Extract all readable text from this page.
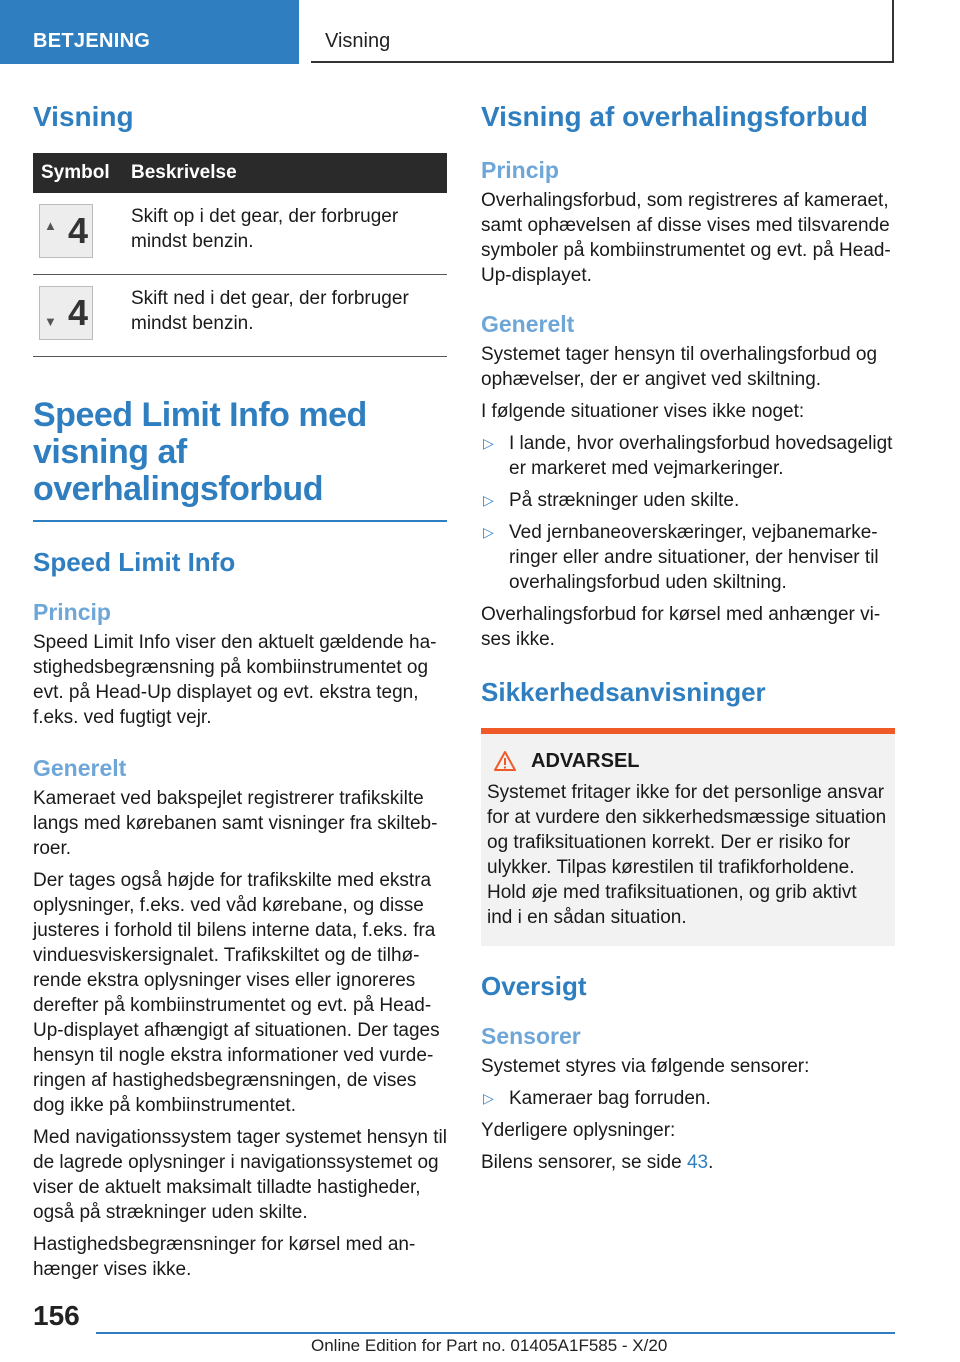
BETJENING	Visning
Visning
Symbol	Beskrivelse

▲ 4	Skift op i det gear, der forbruger mindst benzin.

▼ 4	Skift ned i det gear, der forbruger mindst benzin.
Speed Limit Info med visning af overhalingsforbud
Speed Limit Info
Princip

Speed Limit Info viser den aktuelt gældende hastighedsbegrænsning på kombiinstrumentet og evt. på Head-Up displayet og evt. ekstra tegn, f.eks. ved fugtigt vejr.

Generelt

Kameraet ved bakspejlet registrerer trafikskilte langs med kørebanen samt visninger fra skiltebroer.

Der tages også højde for trafikskilte med ekstra oplysninger, f.eks. ved våd kørebane, og disse justeres i forhold til bilens interne data, f.eks. fra vinduesviskersignalet. Trafikskiltet og de tilhørende ekstra oplysninger vises eller ignoreres derefter på kombiinstrumentet og evt. på Head-Up-displayet afhængigt af situationen. Der tages hensyn til nogle ekstra informationer ved vurderingen af hastighedsbegrænsningen, de vises dog ikke på kombiinstrumentet.

Med navigationssystem tager systemet hensyn til de lagrede oplysninger i navigationssystemet og viser de aktuelt maksimalt tilladte hastigheder, også på strækninger uden skilte.

Hastighedsbegrænsninger for kørsel med anhænger vises ikke.

Visning af overhalingsforbud
Princip

Overhalingsforbud, som registreres af kameraet, samt ophævelsen af disse vises med tilsvarende symboler på kombiinstrumentet og evt. på Head-Up-displayet.

Generelt

Systemet tager hensyn til overhalingsforbud og ophævelser, der er angivet ved skiltning.

I følgende situationer vises ikke noget:

▷ I lande, hvor overhalingsforbud hovedsageligt er markeret med vejmarkeringer.
▷ På strækninger uden skilte.
▷ Ved jernbaneoverskæringer, vejbanemarkeringer eller andre situationer, der henviser til overhalingsforbud uden skiltning.

Overhalingsforbud for kørsel med anhænger vises ikke.

Sikkerhedsanvisninger
ADVARSEL

Systemet fritager ikke for det personlige ansvar for at vurdere den sikkerhedsmæssige situation og trafiksituationen korrekt. Der er risiko for ulykker. Tilpas kørestilen til trafikforholdene. Hold øje med trafiksituationen, og grib aktivt ind i en sådan situation.

Oversigt
Sensorer

Systemet styres via følgende sensorer:

▷ Kameraer bag forruden.

Yderligere oplysninger:

Bilens sensorer, se side 43.

156
Online Edition for Part no. 01405A1F585 - X/20
